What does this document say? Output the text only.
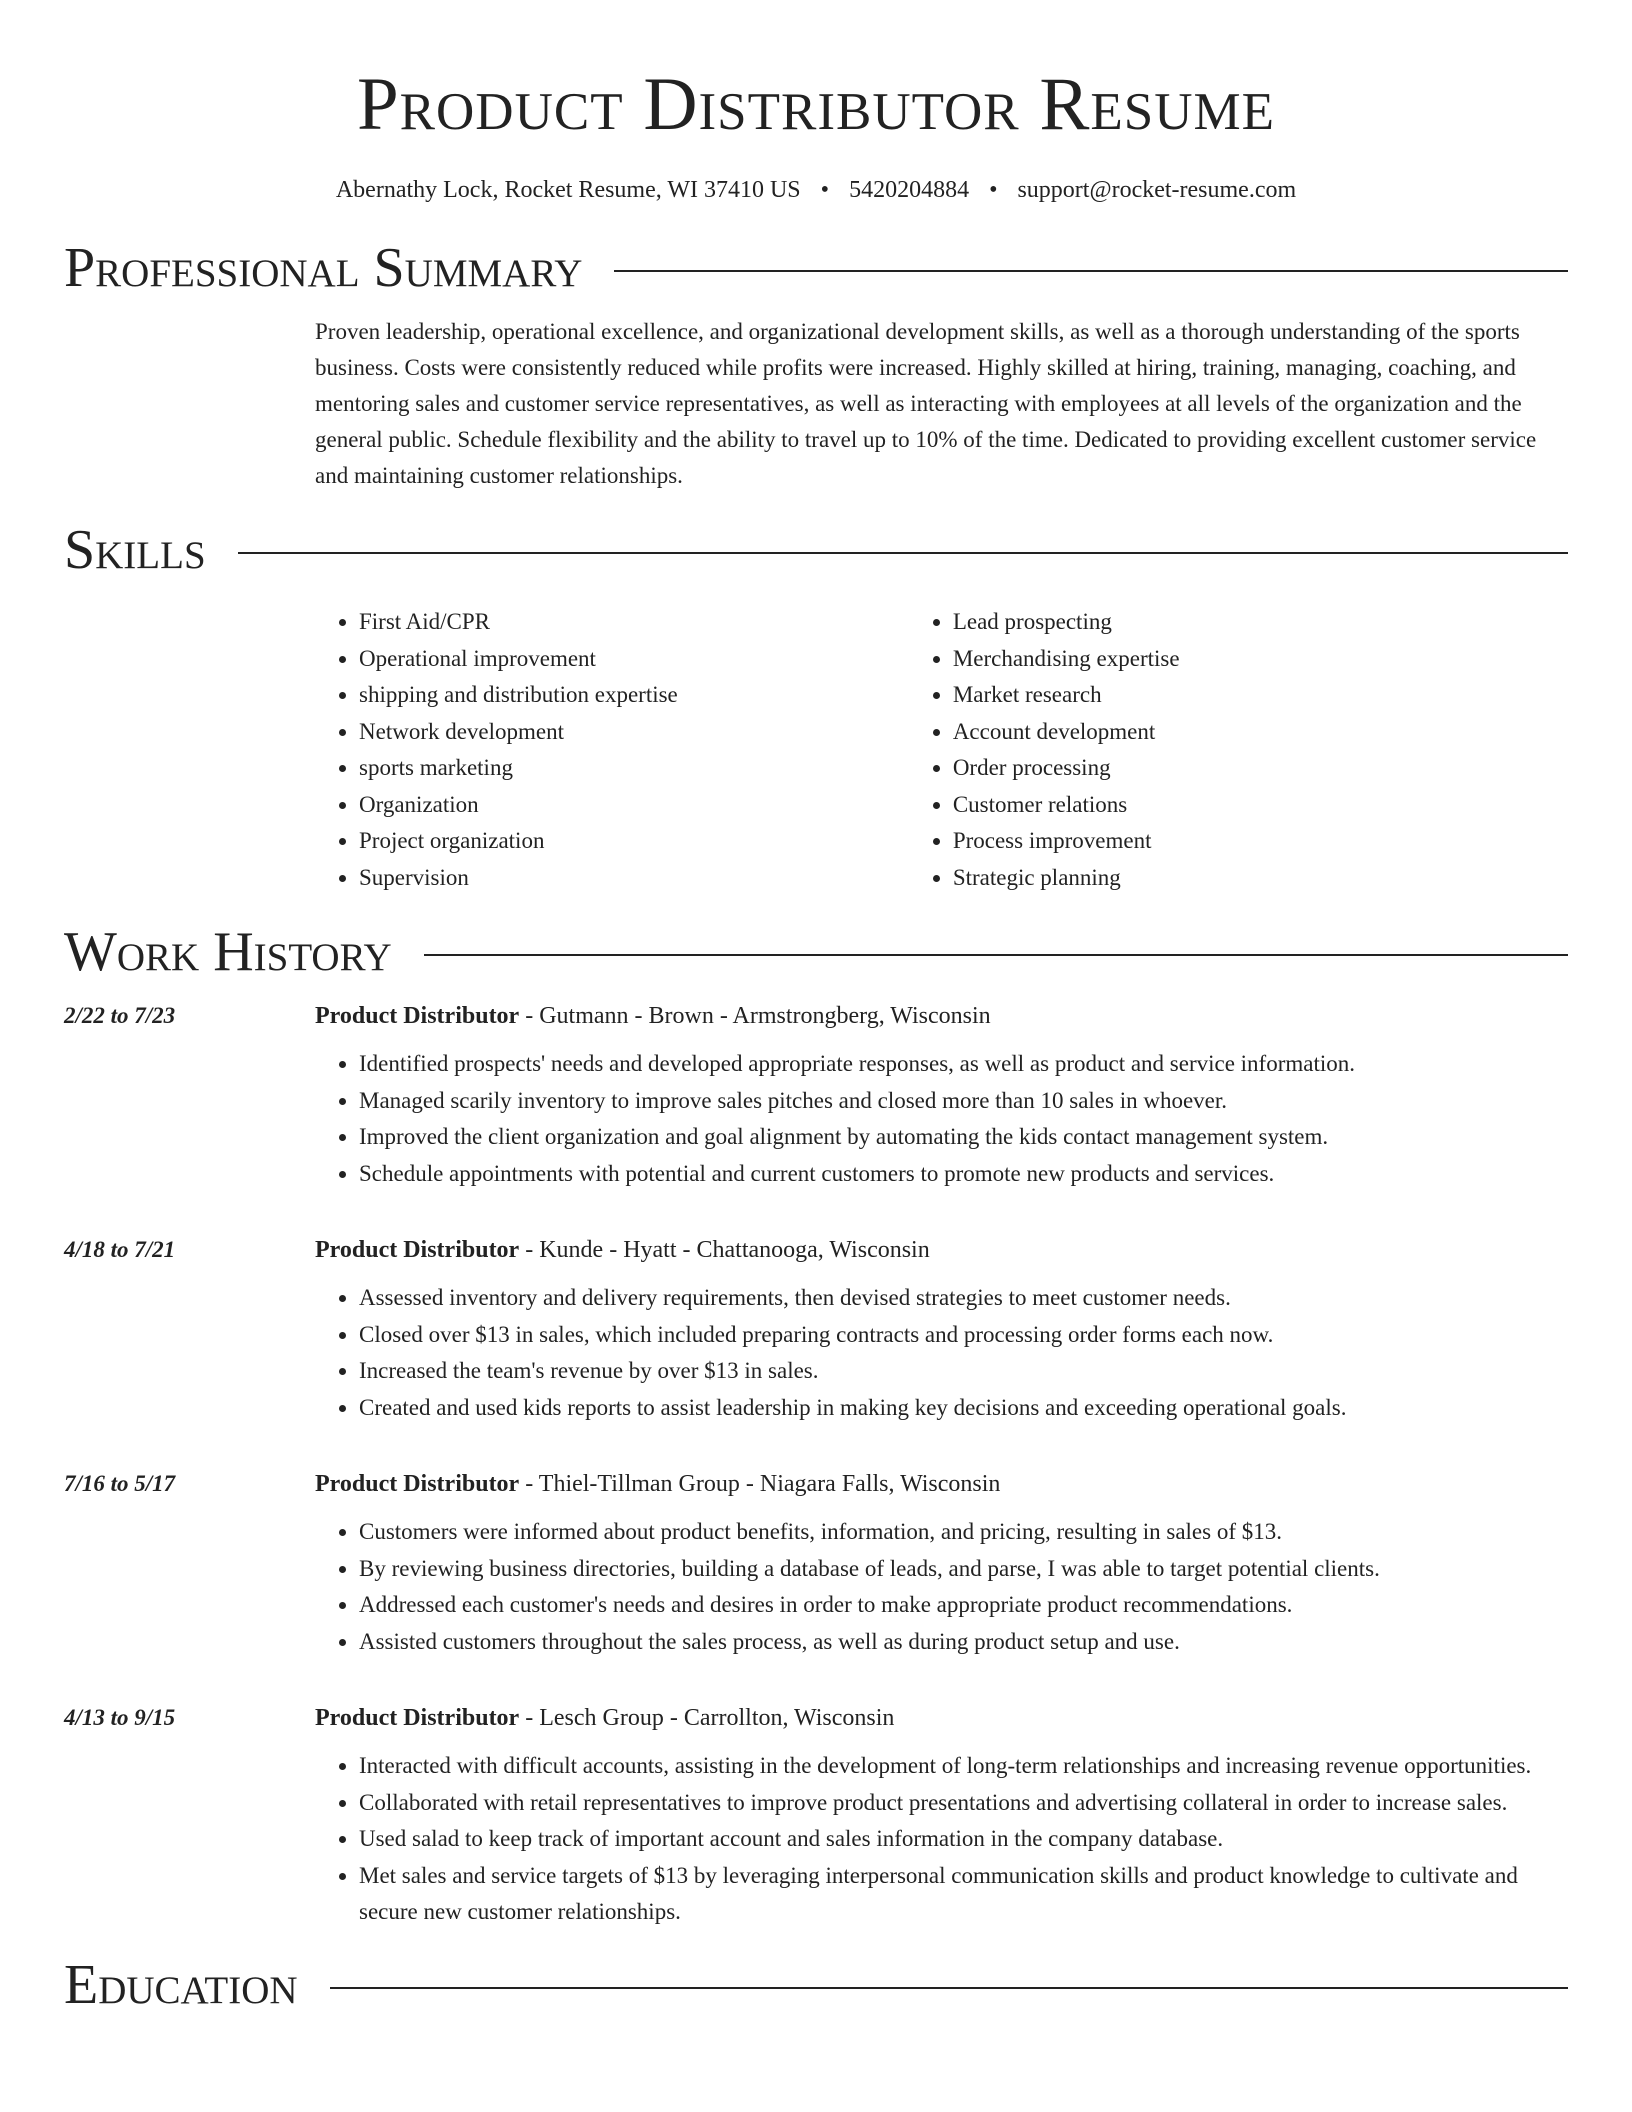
Product Distributor Resume
Abernathy Lock, Rocket Resume, WI 37410 US • 5420204884 • support@rocket-resume.com
Professional Summary
Proven leadership, operational excellence, and organizational development skills, as well as a thorough understanding of the sports business. Costs were consistently reduced while profits were increased. Highly skilled at hiring, training, managing, coaching, and mentoring sales and customer service representatives, as well as interacting with employees at all levels of the organization and the general public. Schedule flexibility and the ability to travel up to 10% of the time. Dedicated to providing excellent customer service and maintaining customer relationships.
Skills
• First Aid/CPR
• Operational improvement
• shipping and distribution expertise
• Network development
• sports marketing
• Organization
• Project organization
• Supervision
• Lead prospecting
• Merchandising expertise
• Market research
• Account development
• Order processing
• Customer relations
• Process improvement
• Strategic planning
Work History
2/22 to 7/23	Product Distributor - Gutmann - Brown - Armstrongberg, Wisconsin
• Identified prospects' needs and developed appropriate responses, as well as product and service information.
• Managed scarily inventory to improve sales pitches and closed more than 10 sales in whoever.
• Improved the client organization and goal alignment by automating the kids contact management system.
• Schedule appointments with potential and current customers to promote new products and services.
4/18 to 7/21	Product Distributor - Kunde - Hyatt - Chattanooga, Wisconsin
• Assessed inventory and delivery requirements, then devised strategies to meet customer needs.
• Closed over $13 in sales, which included preparing contracts and processing order forms each now.
• Increased the team's revenue by over $13 in sales.
• Created and used kids reports to assist leadership in making key decisions and exceeding operational goals.
7/16 to 5/17	Product Distributor - Thiel-Tillman Group - Niagara Falls, Wisconsin
• Customers were informed about product benefits, information, and pricing, resulting in sales of $13.
• By reviewing business directories, building a database of leads, and parse, I was able to target potential clients.
• Addressed each customer's needs and desires in order to make appropriate product recommendations.
• Assisted customers throughout the sales process, as well as during product setup and use.
4/13 to 9/15	Product Distributor - Lesch Group - Carrollton, Wisconsin
• Interacted with difficult accounts, assisting in the development of long-term relationships and increasing revenue opportunities.
• Collaborated with retail representatives to improve product presentations and advertising collateral in order to increase sales.
• Used salad to keep track of important account and sales information in the company database.
• Met sales and service targets of $13 by leveraging interpersonal communication skills and product knowledge to cultivate and secure new customer relationships.
Education
